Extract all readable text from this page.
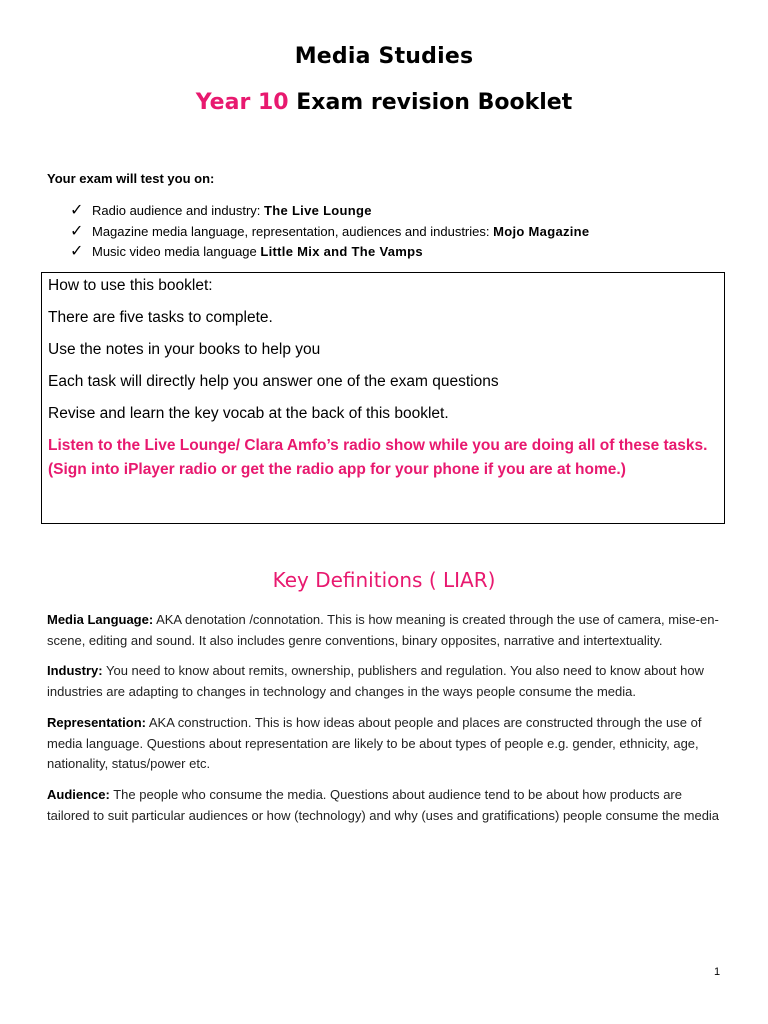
Media Studies
Year 10 Exam revision Booklet
Your exam will test you on:
✓ Radio audience and industry: The Live Lounge
✓ Magazine media language, representation, audiences and industries: Mojo Magazine
✓ Music video media language Little Mix and The Vamps

How to use this booklet:

There are five tasks to complete.

Use the notes in your books to help you

Each task will directly help you answer one of the exam questions

Revise and learn the key vocab at the back of this booklet.

Listen to the Live Lounge/ Clara Amfo’s radio show while you are doing all of these tasks. (Sign into iPlayer radio or get the radio app for your phone if you are at home.)

Key Definitions ( LIAR)

Media Language: AKA denotation /connotation. This is how meaning is created through the use of camera, mise-en-scene, editing and sound. It also includes genre conventions, binary opposites, narrative and intertextuality.

Industry: You need to know about remits, ownership, publishers and regulation. You also need to know about how industries are adapting to changes in technology and changes in the ways people consume the media.

Representation: AKA construction. This is how ideas about people and places are constructed through the use of media language. Questions about representation are likely to be about types of people e.g. gender, ethnicity, age, nationality, status/power etc.

Audience: The people who consume the media. Questions about audience tend to be about how products are tailored to suit particular audiences or how (technology) and why (uses and gratifications) people consume the media

1
